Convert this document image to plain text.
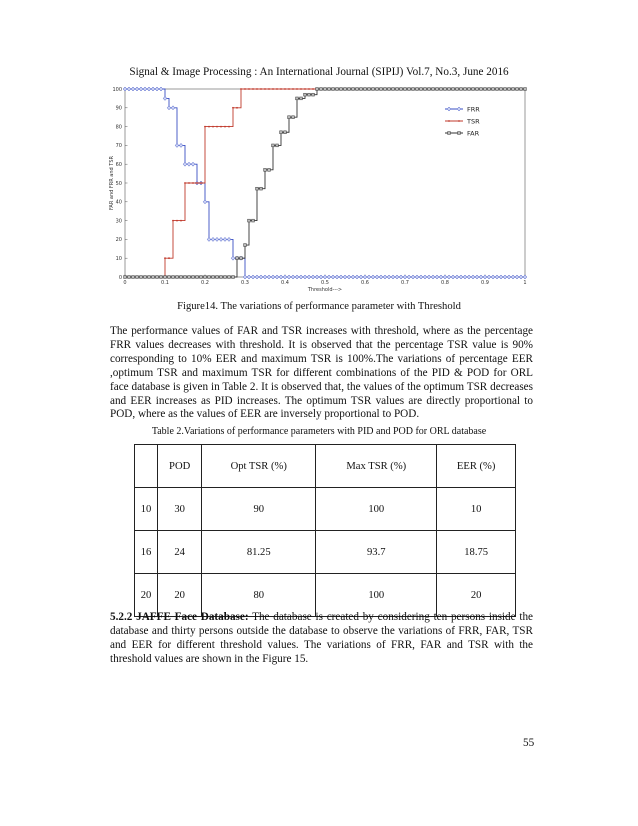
Signal & Image Processing : An International Journal (SIPIJ) Vol.7, No.3, June 2016
0	0.1	0.2	0.3	0.4	0.5	0.6	0.7	0.8	0.9	1
0
10
20
30
40
50
60
70
80
90
100
Threshold--->
FAR and FRR and TSR
FRR
TSR
FAR
Figure14. The variations of performance parameter with Threshold

The performance values of FAR and TSR increases with threshold, where as the percentage FRR values decreases with threshold. It is observed that the percentage TSR value is 90% corresponding to 10% EER and maximum TSR is 100%.The variations of percentage EER ,optimum TSR and maximum TSR for different combinations of the PID & POD for ORL face database is given in Table 2. It is observed that, the values of the optimum TSR decreases and EER increases as PID increases. The optimum TSR values are directly proportional to POD, where as the values of EER are inversely proportional to POD.

Table 2.Variations of performance parameters with PID and POD for ORL database
	POD	Opt TSR (%)	Max TSR (%)	EER (%)
10	30	90	100	10
16	24	81.25	93.7	18.75
20	20	80	100	20

5.2.2 JAFFE Face Database: The database is created by considering ten persons inside the database and thirty persons outside the database to observe the variations of FRR, FAR, TSR and EER for different threshold values. The variations of FRR, FAR and TSR with the threshold values are shown in the Figure 15.

55
